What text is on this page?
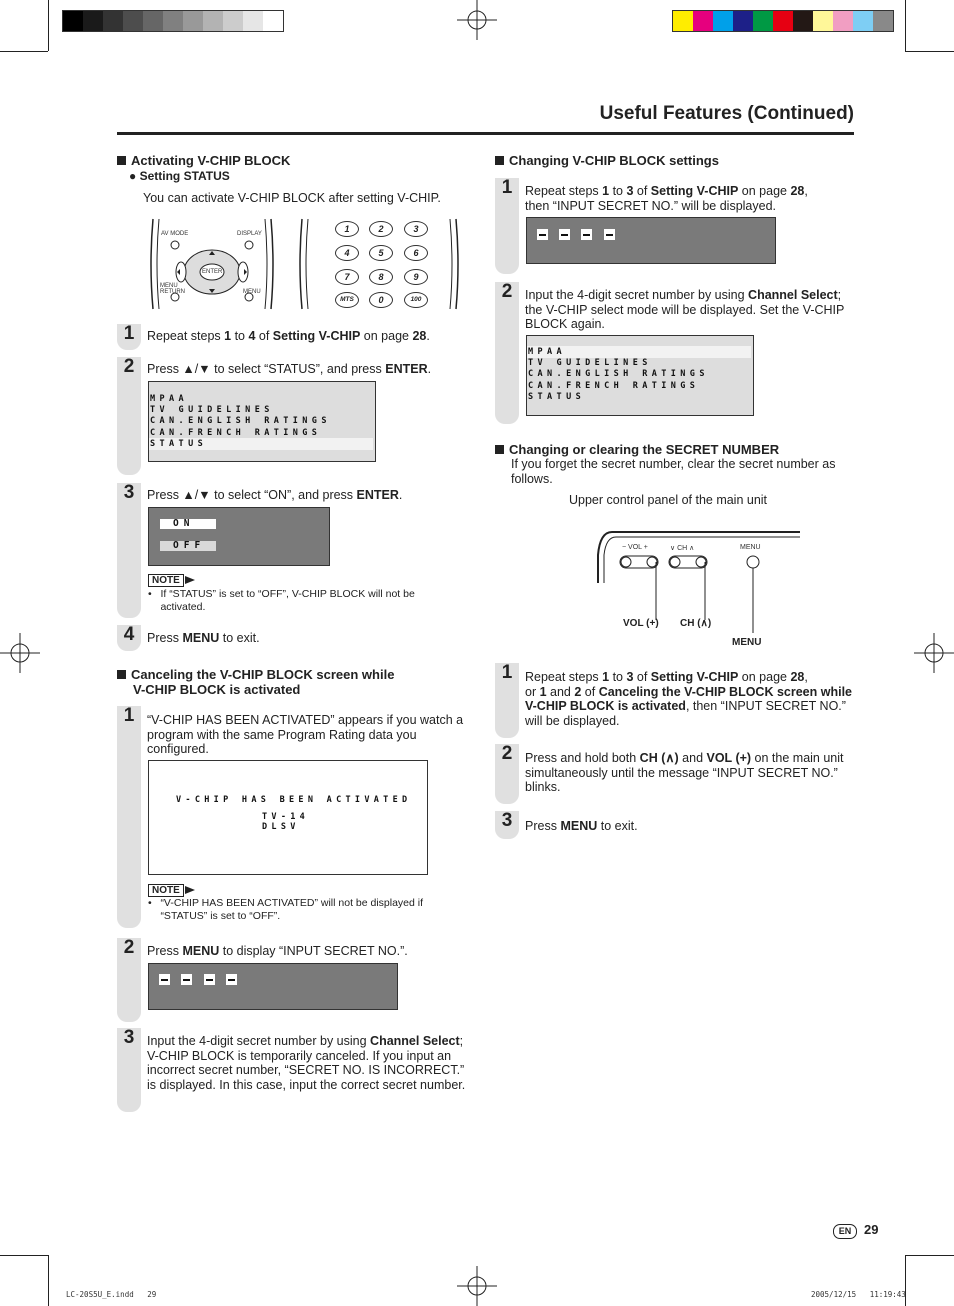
Useful Features (Continued)
Activating V-CHIP BLOCK
● Setting STATUS
You can activate V-CHIP BLOCK after setting V-CHIP.
AV MODE	DISPLAY
ENTER
MENU RETURN	MENU
1	2	3
4	5	6
7	8	9
MTS	0	100
1	Repeat steps 1 to 4 of Setting V-CHIP on page 28.
2	Press ▲/▼ to select “STATUS”, and press ENTER.
MPAA
TV GUIDELINES
CAN.ENGLISH RATINGS
CAN.FRENCH RATINGS
STATUS
3	Press ▲/▼ to select “ON”, and press ENTER.
ON
OFF
NOTE
•   If “STATUS” is set to “OFF”, V-CHIP BLOCK will not be activated.
4	Press MENU to exit.
Canceling the V-CHIP BLOCK screen while
V-CHIP BLOCK is activated
1	“V-CHIP HAS BEEN ACTIVATED” appears if you watch a program with the same Program Rating data you configured.
V-CHIP HAS BEEN ACTIVATED
TV-14
DLSV
NOTE
•   “V-CHIP HAS BEEN ACTIVATED” will not be displayed if “STATUS” is set to “OFF”.
2	Press MENU to display “INPUT SECRET NO.”.
3	Input the 4-digit secret number by using Channel Select; V-CHIP BLOCK is temporarily canceled. If you input an incorrect secret number, “SECRET NO. IS INCORRECT.” is displayed. In this case, input the correct secret number.
Changing V-CHIP BLOCK settings
1	Repeat steps 1 to 3 of Setting V-CHIP on page 28,
then “INPUT SECRET NO.” will be displayed.
2	Input the 4-digit secret number by using Channel Select; the V-CHIP select mode will be displayed. Set the V-CHIP BLOCK again.
MPAA
TV GUIDELINES
CAN.ENGLISH RATINGS
CAN.FRENCH RATINGS
STATUS
Changing or clearing the SECRET NUMBER
If you forget the secret number, clear the secret number as follows.
Upper control panel of the main unit
− VOL +	∨ CH ∧	MENU
VOL (+) CH (∧)
MENU
1	Repeat steps 1 to 3 of Setting V-CHIP on page 28,
or 1 and 2 of Canceling the V-CHIP BLOCK screen while V-CHIP BLOCK is activated, then “INPUT SECRET NO.” will be displayed.
2	Press and hold both CH (∧) and VOL (+) on the main unit simultaneously until the message “INPUT SECRET NO.” blinks.
3	Press MENU to exit.
EN 29
LC-20S5U_E.indd   29	2005/12/15   11:19:43
